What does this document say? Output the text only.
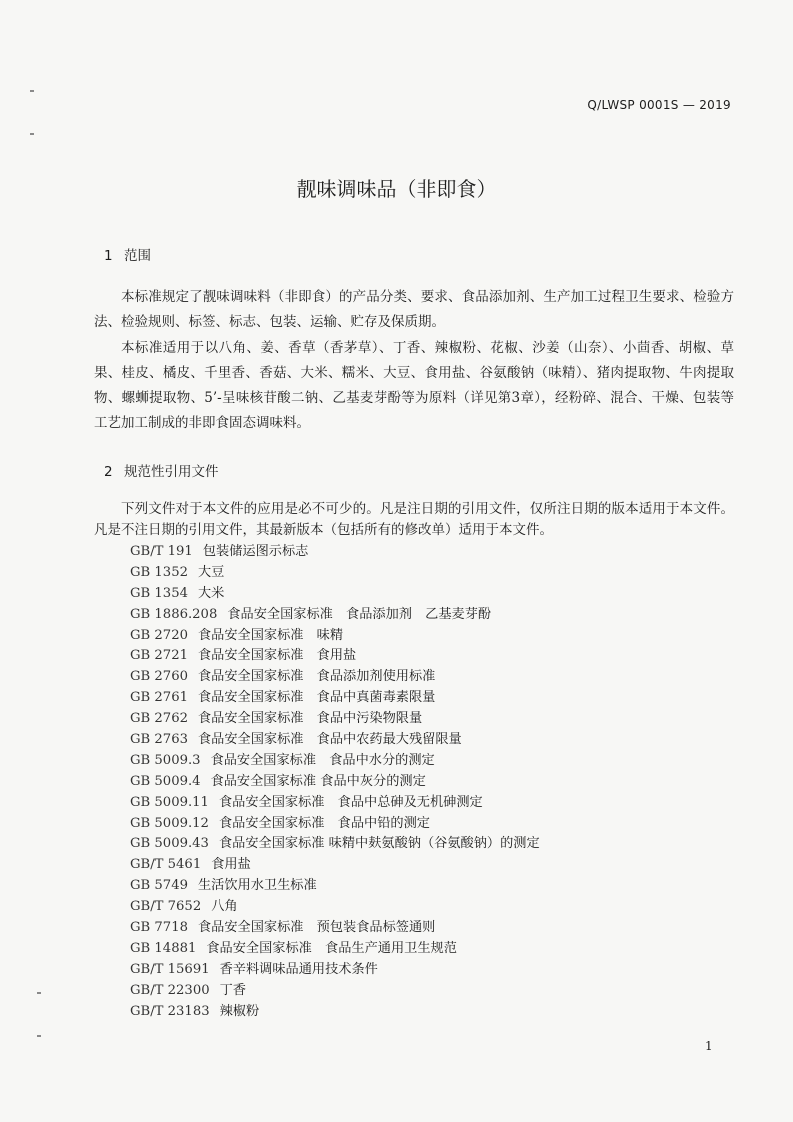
Q/LWSP 0001S — 2019
靓味调味品（非即食）
1 范围
本标准规定了靓味调味料（非即食）的产品分类、要求、食品添加剂、生产加工过程卫生要求、检验方法、检验规则、标签、标志、包装、运输、贮存及保质期。
本标准适用于以八角、姜、香草（香茅草）、丁香、辣椒粉、花椒、沙姜（山奈）、小茴香、胡椒、草果、桂皮、橘皮、千里香、香菇、大米、糯米、大豆、食用盐、谷氨酸钠（味精）、猪肉提取物、牛肉提取物、螺蛳提取物、5’-呈味核苷酸二钠、乙基麦芽酚等为原料（详见第3章），经粉碎、混合、干燥、包装等工艺加工制成的非即食固态调味料。
2 规范性引用文件
下列文件对于本文件的应用是必不可少的。凡是注日期的引用文件，仅所注日期的版本适用于本文件。凡是不注日期的引用文件，其最新版本（包括所有的修改单）适用于本文件。
GB/T 191 包装储运图示标志
GB 1352 大豆
GB 1354 大米
GB 1886.208 食品安全国家标准　食品添加剂　乙基麦芽酚
GB 2720 食品安全国家标准　味精
GB 2721 食品安全国家标准　食用盐
GB 2760 食品安全国家标准　食品添加剂使用标准
GB 2761 食品安全国家标准　食品中真菌毒素限量
GB 2762 食品安全国家标准　食品中污染物限量
GB 2763 食品安全国家标准　食品中农药最大残留限量
GB 5009.3 食品安全国家标准　食品中水分的测定
GB 5009.4 食品安全国家标准 食品中灰分的测定
GB 5009.11 食品安全国家标准　食品中总砷及无机砷测定
GB 5009.12 食品安全国家标准　食品中铅的测定
GB 5009.43 食品安全国家标准 味精中麸氨酸钠（谷氨酸钠）的测定
GB/T 5461 食用盐
GB 5749 生活饮用水卫生标准
GB/T 7652 八角
GB 7718 食品安全国家标准　预包装食品标签通则
GB 14881 食品安全国家标准　食品生产通用卫生规范
GB/T 15691 香辛料调味品通用技术条件
GB/T 22300 丁香
GB/T 23183 辣椒粉
1
